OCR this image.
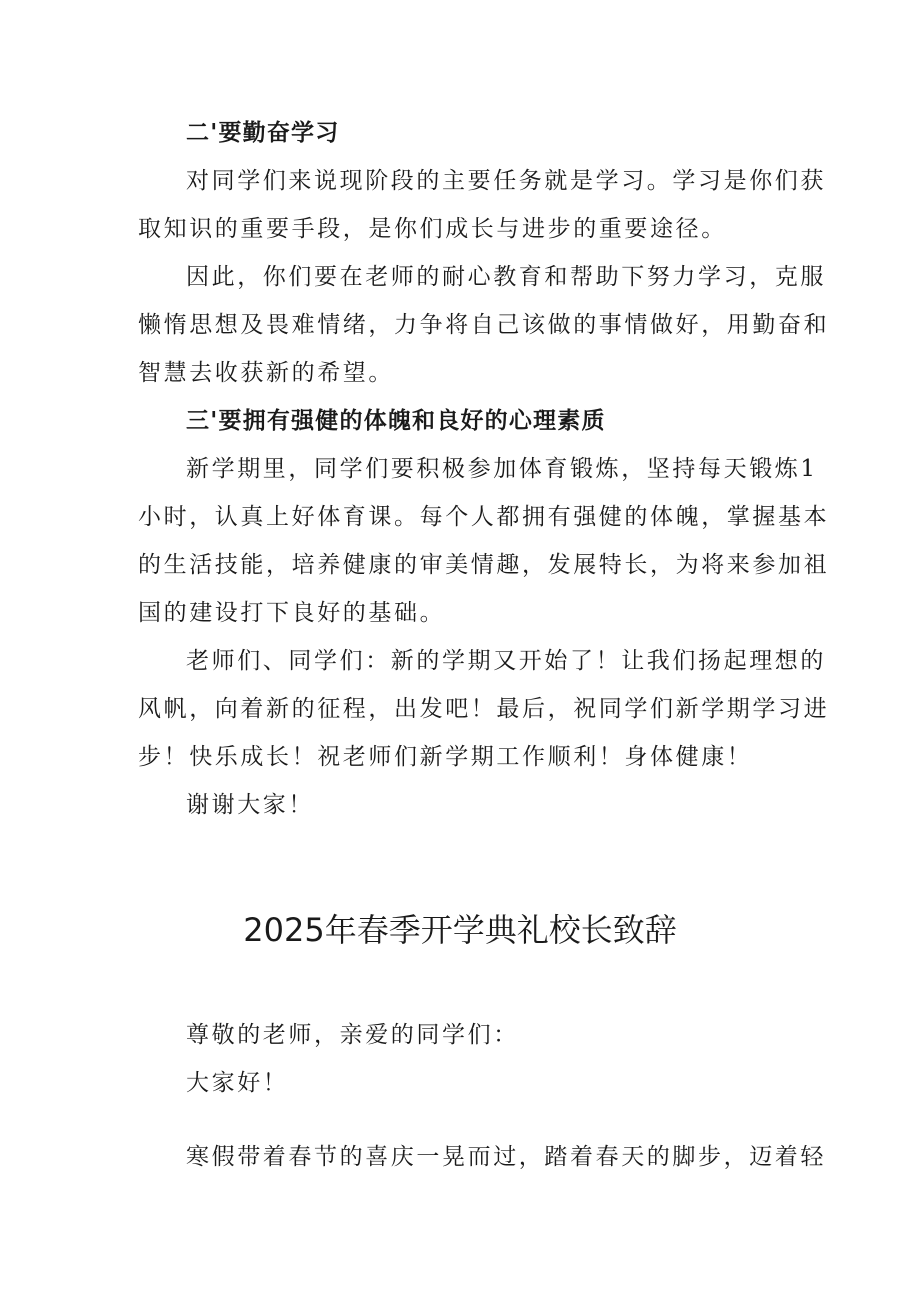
二'要勤奋学习
对同学们来说现阶段的主要任务就是学习。学习是你们获
取知识的重要手段，是你们成长与进步的重要途径。
因此，你们要在老师的耐心教育和帮助下努力学习，克服
懒惰思想及畏难情绪，力争将自己该做的事情做好，用勤奋和
智慧去收获新的希望。
三'要拥有强健的体魄和良好的心理素质
新学期里，同学们要积极参加体育锻炼，坚持每天锻炼1
小时，认真上好体育课。每个人都拥有强健的体魄，掌握基本
的生活技能，培养健康的审美情趣，发展特长，为将来参加祖
国的建设打下良好的基础。
老师们、同学们：新的学期又开始了！让我们扬起理想的
风帆，向着新的征程，出发吧！最后，祝同学们新学期学习进
步！快乐成长！祝老师们新学期工作顺利！身体健康！
谢谢大家！
2025年春季开学典礼校长致辞
尊敬的老师，亲爱的同学们：
大家好！
寒假带着春节的喜庆一晃而过，踏着春天的脚步，迈着轻
